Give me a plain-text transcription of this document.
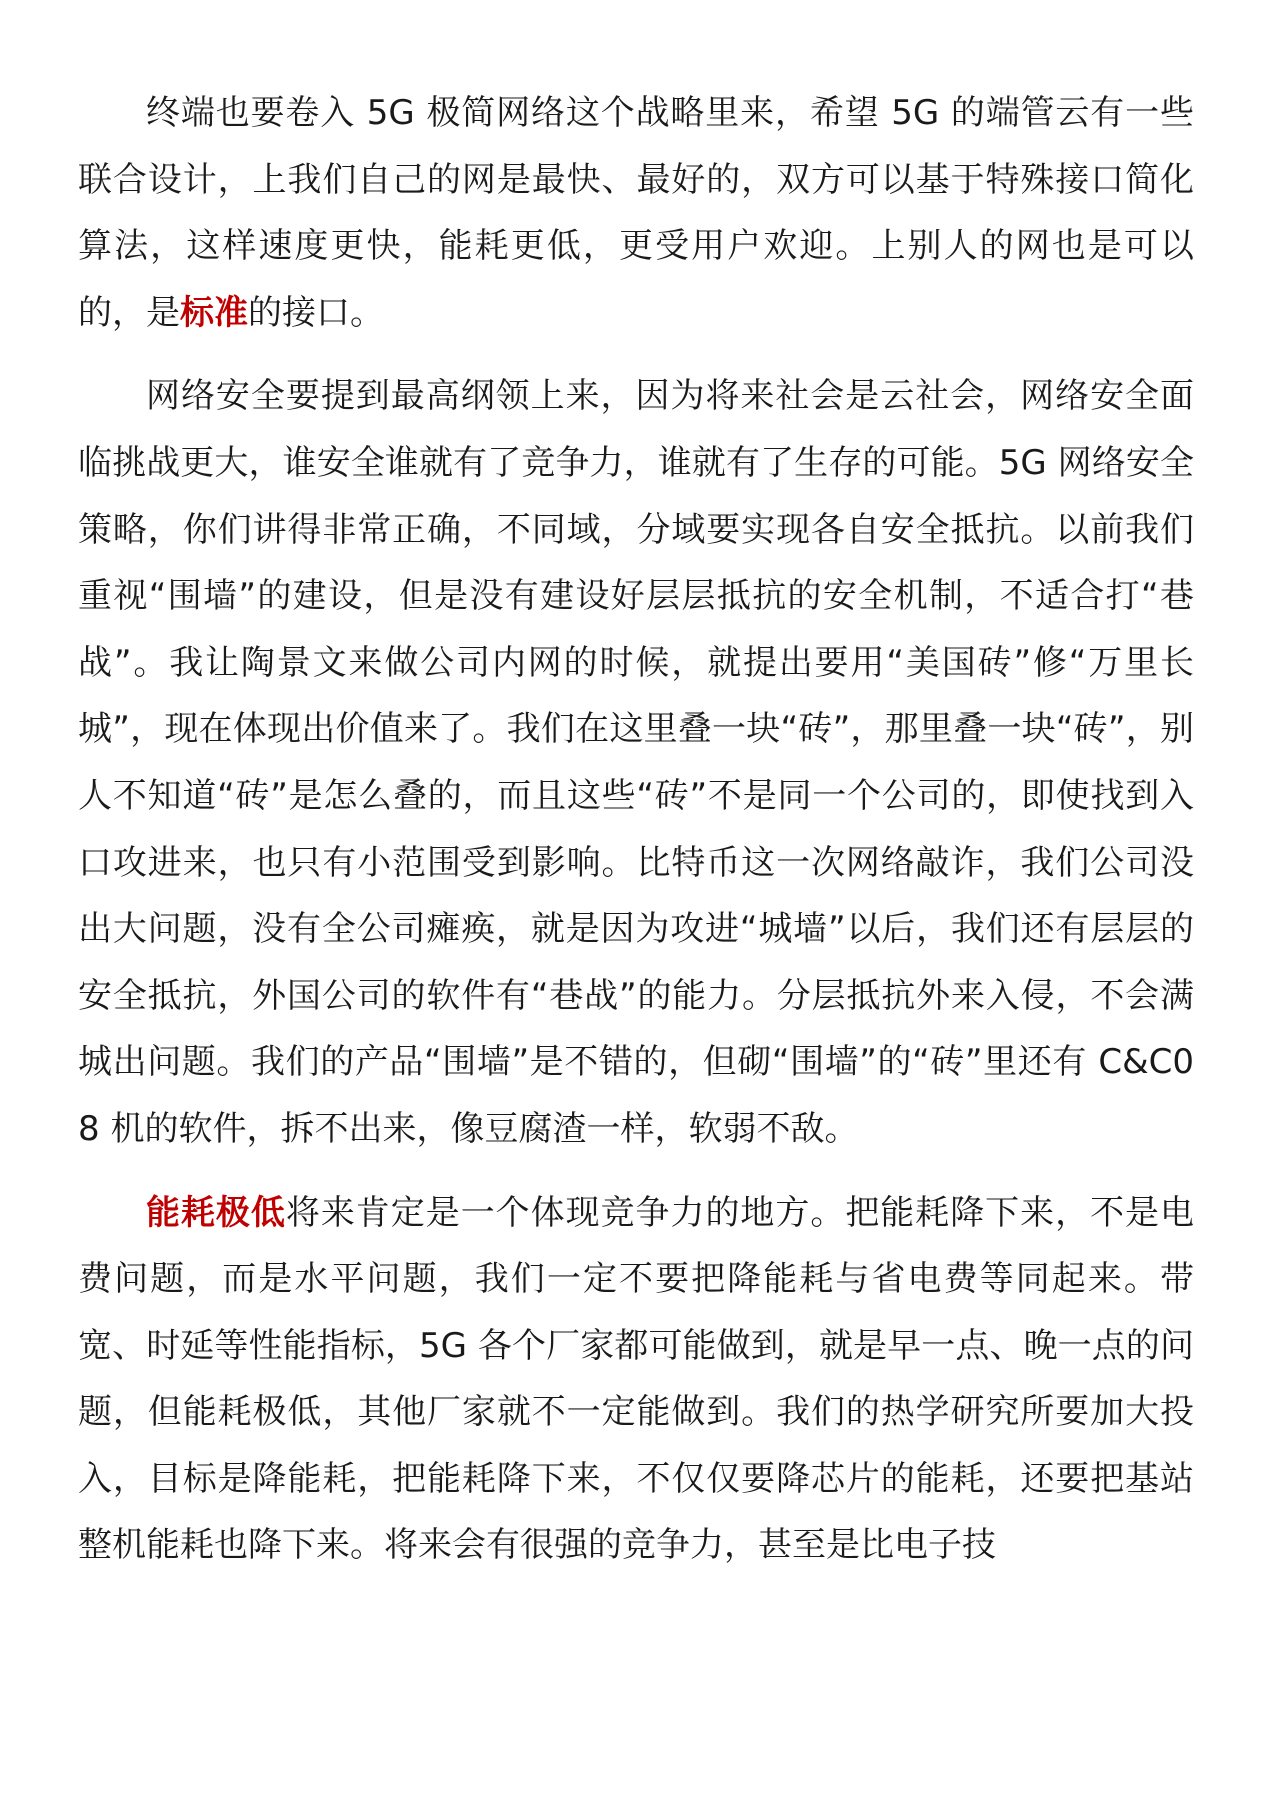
终端也要卷入 5G 极简网络这个战略里来，希望 5G 的端管云有一些联合设计，上我们自己的网是最快、最好的，双方可以基于特殊接口简化算法，这样速度更快，能耗更低，更受用户欢迎。上别人的网也是可以的，是标准的接口。

网络安全要提到最高纲领上来，因为将来社会是云社会，网络安全面临挑战更大，谁安全谁就有了竞争力，谁就有了生存的可能。5G 网络安全策略，你们讲得非常正确，不同域，分域要实现各自安全抵抗。以前我们重视“围墙”的建设，但是没有建设好层层抵抗的安全机制，不适合打“巷战”。我让陶景文来做公司内网的时候，就提出要用“美国砖”修“万里长城”，现在体现出价值来了。我们在这里叠一块“砖”，那里叠一块“砖”，别人不知道“砖”是怎么叠的，而且这些“砖”不是同一个公司的，即使找到入口攻进来，也只有小范围受到影响。比特币这一次网络敲诈，我们公司没出大问题，没有全公司瘫痪，就是因为攻进“城墙”以后，我们还有层层的安全抵抗，外国公司的软件有“巷战”的能力。分层抵抗外来入侵，不会满城出问题。我们的产品“围墙”是不错的，但砌“围墙”的“砖”里还有 C&C08 机的软件，拆不出来，像豆腐渣一样，软弱不敌。

能耗极低将来肯定是一个体现竞争力的地方。把能耗降下来，不是电费问题，而是水平问题，我们一定不要把降能耗与省电费等同起来。带宽、时延等性能指标，5G 各个厂家都可能做到，就是早一点、晚一点的问题，但能耗极低，其他厂家就不一定能做到。我们的热学研究所要加大投入，目标是降能耗，把能耗降下来，不仅仅要降芯片的能耗，还要把基站整机能耗也降下来。将来会有很强的竞争力，甚至是比电子技
